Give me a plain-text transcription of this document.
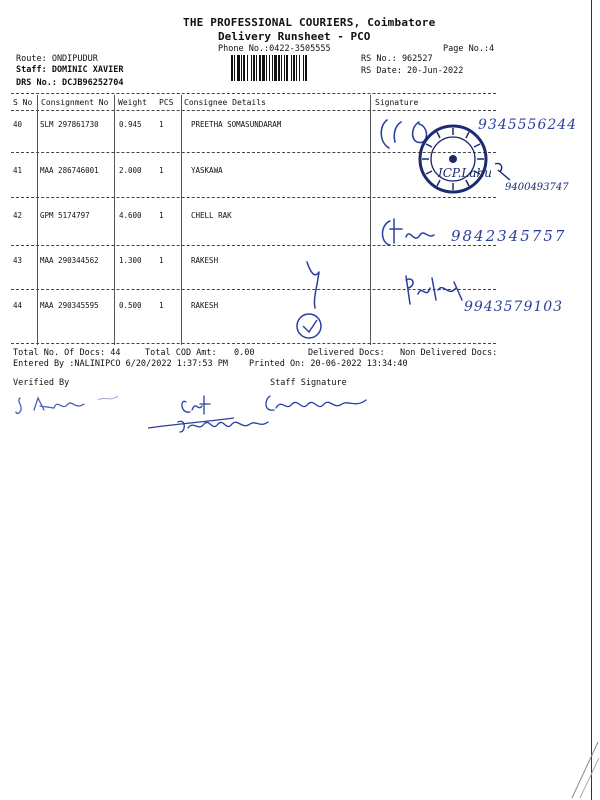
THE PROFESSIONAL COURIERS, Coimbatore
Delivery Runsheet - PCO
Phone No.:0422-3505555	Page No.:4
Route: ONDIPUDUR
Staff: DOMINIC XAVIER
DRS No.: DCJB96252704
RS No.: 962527
RS Date: 20-Jun-2022
S No Consignment No Weight PCS Consignee Details	Signature
40 SLM 297861730	0.945 1	PREETHA SOMASUNDARAM
41 MAA 286746001	2.000 1	YASKAWA
42 GPM 5174797	4.600 1	CHELL RAK
43 MAA 290344562	1.300 1	RAKESH
44 MAA 290345595	0.500 1	RAKESH
Total No. Of Docs: 44	Total COD Amt: 0.00	Delivered Docs: Non Delivered Docs:
Entered By :NALINIPCO 6/20/2022 1:37:53 PM Printed On: 20-06-2022 13:34:40
Verified By	Staff Signature
9345556244
ICP.Lahu
9400493747
9842345757
9943579103
